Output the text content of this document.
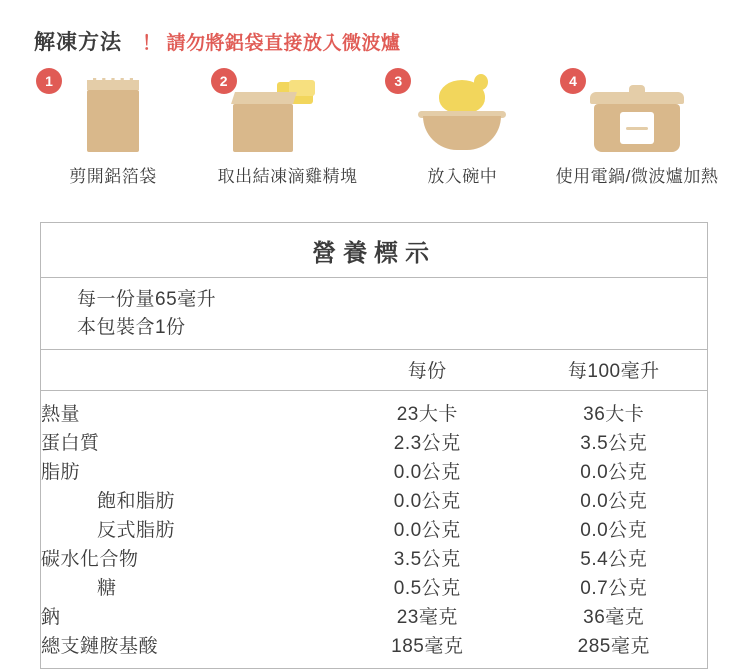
解凍方法 ！ 請勿將鋁袋直接放入微波爐
1
剪開鋁箔袋
2
取出結凍滴雞精塊
3
放入碗中
4
使用電鍋/微波爐加熱
營養標示
每一份量65毫升
本包裝含1份
	每份	每100毫升
熱量	23大卡	36大卡
蛋白質	2.3公克	3.5公克
脂肪	0.0公克	0.0公克
飽和脂肪	0.0公克	0.0公克
反式脂肪	0.0公克	0.0公克
碳水化合物	3.5公克	5.4公克
糖	0.5公克	0.7公克
鈉	23毫克	36毫克
總支鏈胺基酸	185毫克	285毫克
